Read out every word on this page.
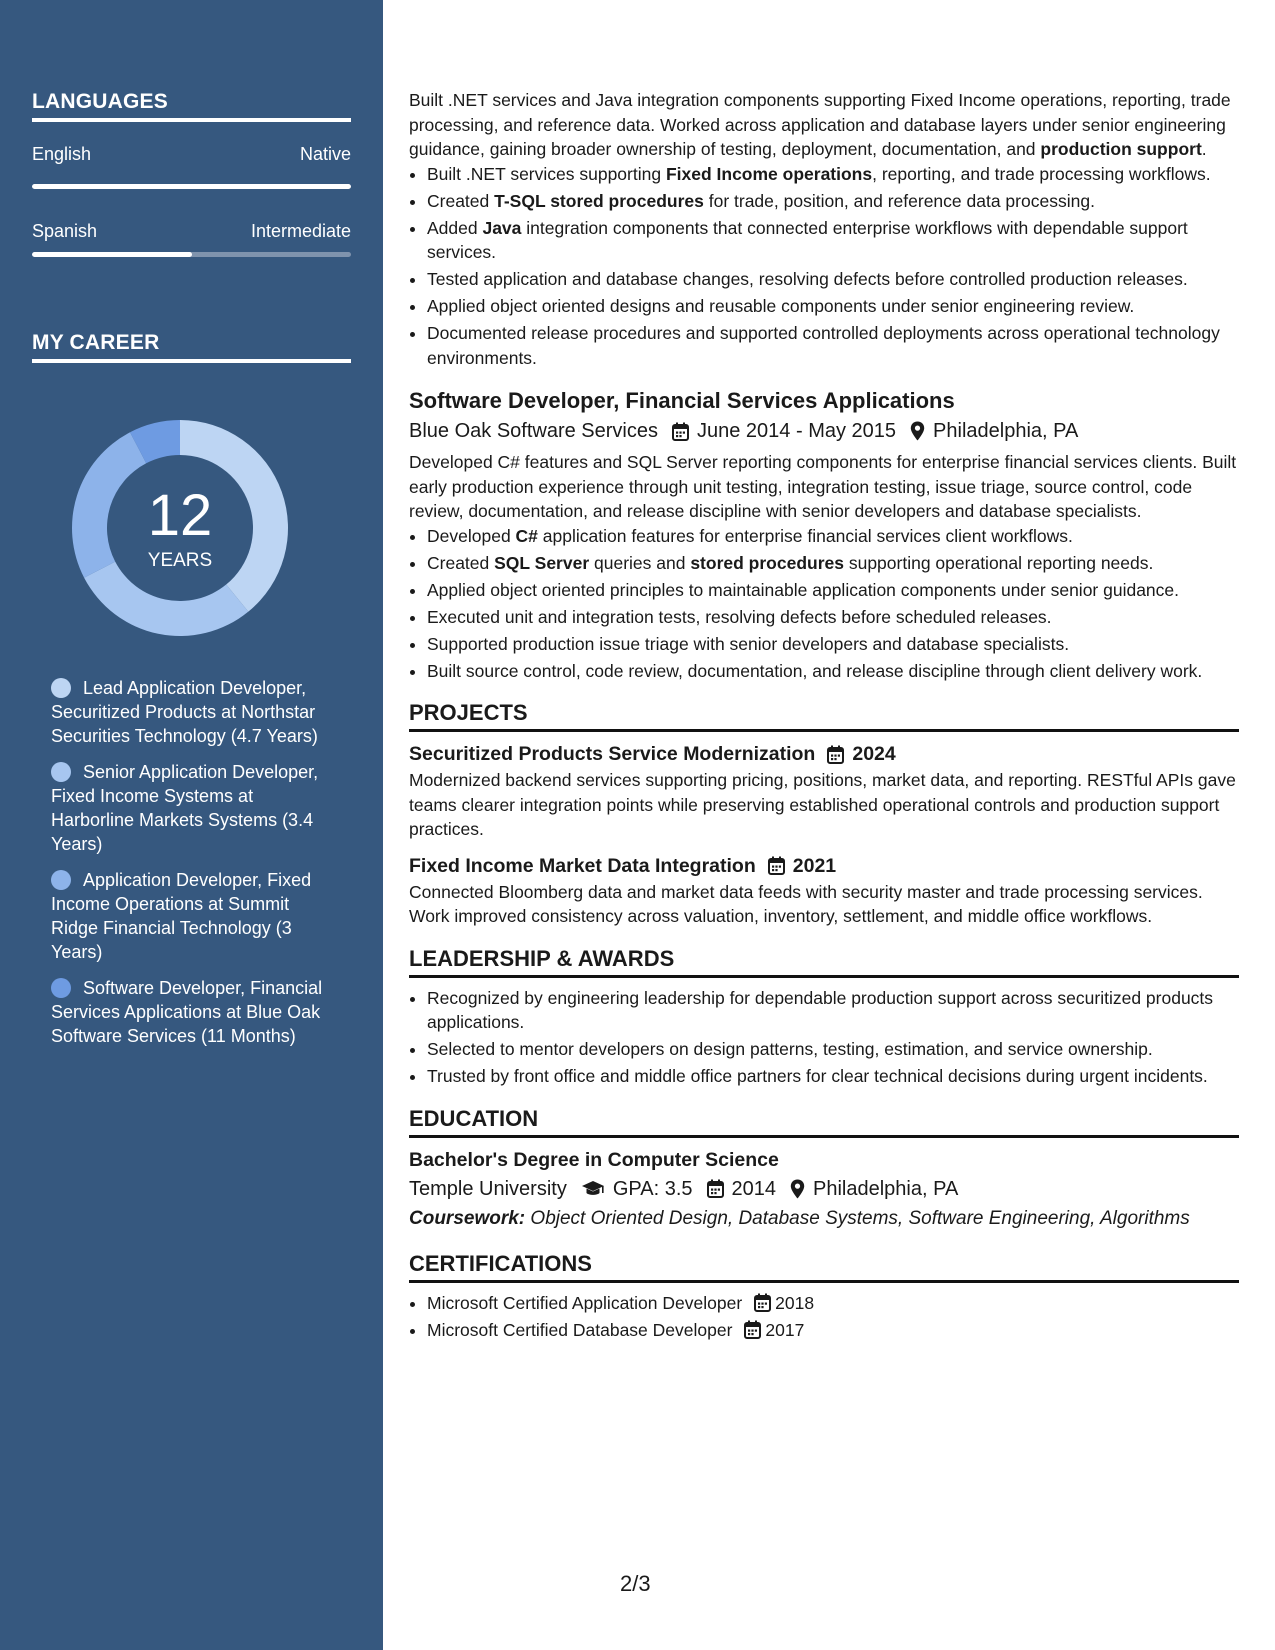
LANGUAGES
English	Native
Spanish	Intermediate
MY CAREER
12
YEARS
Lead Application Developer, Securitized Products at Northstar Securities Technology (4.7 Years)
Senior Application Developer, Fixed Income Systems at Harborline Markets Systems (3.4 Years)
Application Developer, Fixed Income Operations at Summit Ridge Financial Technology (3 Years)
Software Developer, Financial Services Applications at Blue Oak Software Services (11 Months)

Built .NET services and Java integration components supporting Fixed Income operations, reporting, trade processing, and reference data. Worked across application and database layers under senior engineering guidance, gaining broader ownership of testing, deployment, documentation, and production support.

• Built .NET services supporting Fixed Income operations, reporting, and trade processing workflows.
• Created T-SQL stored procedures for trade, position, and reference data processing.
• Added Java integration components that connected enterprise workflows with dependable support services.
• Tested application and database changes, resolving defects before controlled production releases.
• Applied object oriented designs and reusable components under senior engineering review.
• Documented release procedures and supported controlled deployments across operational technology environments.
Software Developer, Financial Services Applications
Blue Oak Software Services June 2014 - May 2015 Philadelphia, PA

Developed C# features and SQL Server reporting components for enterprise financial services clients. Built early production experience through unit testing, integration testing, issue triage, source control, code review, documentation, and release discipline with senior developers and database specialists.

• Developed C# application features for enterprise financial services client workflows.
• Created SQL Server queries and stored procedures supporting operational reporting needs.
• Applied object oriented principles to maintainable application components under senior guidance.
• Executed unit and integration tests, resolving defects before scheduled releases.
• Supported production issue triage with senior developers and database specialists.
• Built source control, code review, documentation, and release discipline through client delivery work.
PROJECTS
Securitized Products Service Modernization 2024

Modernized backend services supporting pricing, positions, market data, and reporting. RESTful APIs gave teams clearer integration points while preserving established operational controls and production support practices.

Fixed Income Market Data Integration 2021

Connected Bloomberg data and market data feeds with security master and trade processing services. Work improved consistency across valuation, inventory, settlement, and middle office workflows.

LEADERSHIP & AWARDS
• Recognized by engineering leadership for dependable production support across securitized products applications.
• Selected to mentor developers on design patterns, testing, estimation, and service ownership.
• Trusted by front office and middle office partners for clear technical decisions during urgent incidents.
EDUCATION
Bachelor's Degree in Computer Science
Temple University GPA: 3.5 2014 Philadelphia, PA
Coursework: Object Oriented Design, Database Systems, Software Engineering, Algorithms
CERTIFICATIONS
• Microsoft Certified Application Developer 2018
• Microsoft Certified Database Developer 2017
2/3
